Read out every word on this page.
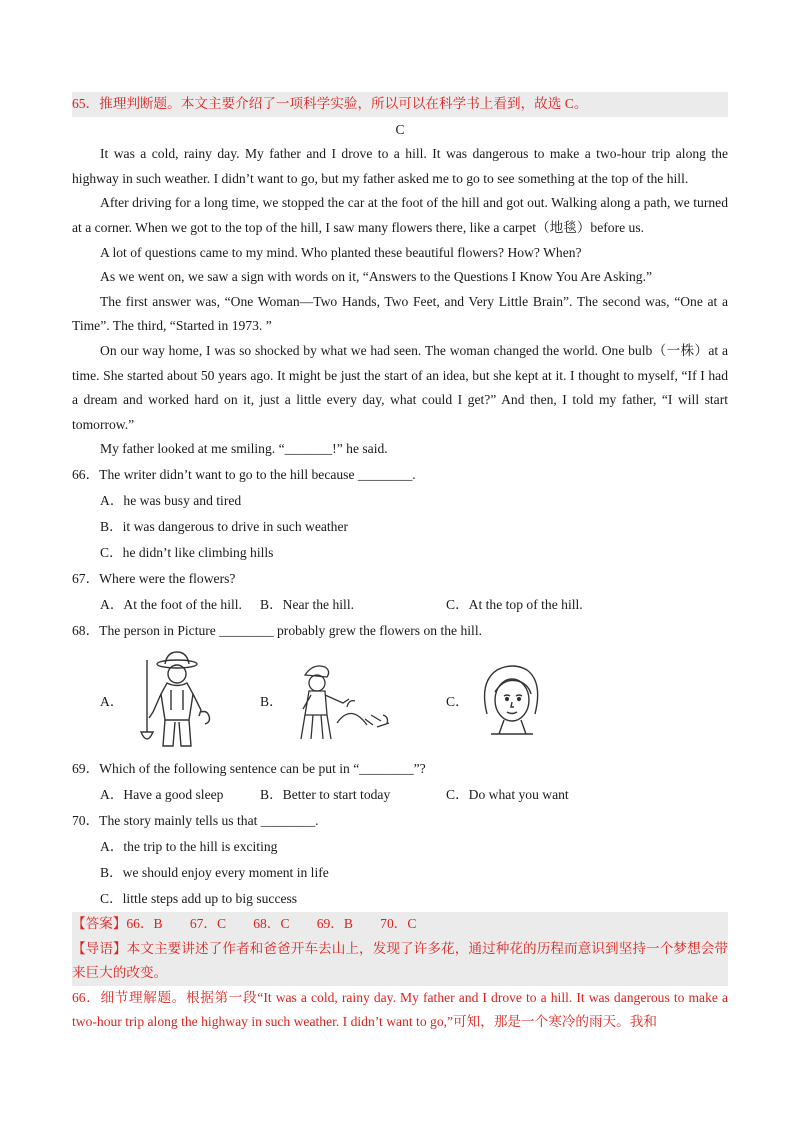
65．推理判断题。本文主要介绍了一项科学实验，所以可以在科学书上看到，故选 C。
C
It was a cold, rainy day. My father and I drove to a hill. It was dangerous to make a two-hour trip along the highway in such weather. I didn’t want to go, but my father asked me to go to see something at the top of the hill.
After driving for a long time, we stopped the car at the foot of the hill and got out. Walking along a path, we turned at a corner. When we got to the top of the hill, I saw many flowers there, like a carpet（地毯）before us.
A lot of questions came to my mind. Who planted these beautiful flowers? How? When?
As we went on, we saw a sign with words on it, “Answers to the Questions I Know You Are Asking.”
The first answer was, “One Woman—Two Hands, Two Feet, and Very Little Brain”. The second was, “One at a Time”. The third, “Started in 1973. ”
On our way home, I was so shocked by what we had seen. The woman changed the world. One bulb（一株）at a time. She started about 50 years ago. It might be just the start of an idea, but she kept at it. I thought to myself, “If I had a dream and worked hard on it, just a little every day, what could I get?” And then, I told my father, “I will start tomorrow.”
My father looked at me smiling. “_______!” he said.
66．The writer didn’t want to go to the hill because ________.
A．he was busy and tired
B．it was dangerous to drive in such weather
C．he didn’t like climbing hills
67．Where were the flowers?
A．At the foot of the hill.	B．Near the hill.	C．At the top of the hill.
68．The person in Picture ________ probably grew the flowers on the hill.
A．	B．	C．
69．Which of the following sentence can be put in “________”?
A．Have a good sleep	B．Better to start today	C．Do what you want
70．The story mainly tells us that ________.
A．the trip to the hill is exciting
B．we should enjoy every moment in life
C．little steps add up to big success
【答案】66．B　　67．C　　68．C　　69．B　　70．C
【导语】本文主要讲述了作者和爸爸开车去山上，发现了许多花，通过种花的历程而意识到坚持一个梦想会带来巨大的改变。
66．细节理解题。根据第一段“It was a cold, rainy day. My father and I drove to a hill. It was dangerous to make a two-hour trip along the highway in such weather. I didn’t want to go,”可知，那是一个寒冷的雨天。我和
